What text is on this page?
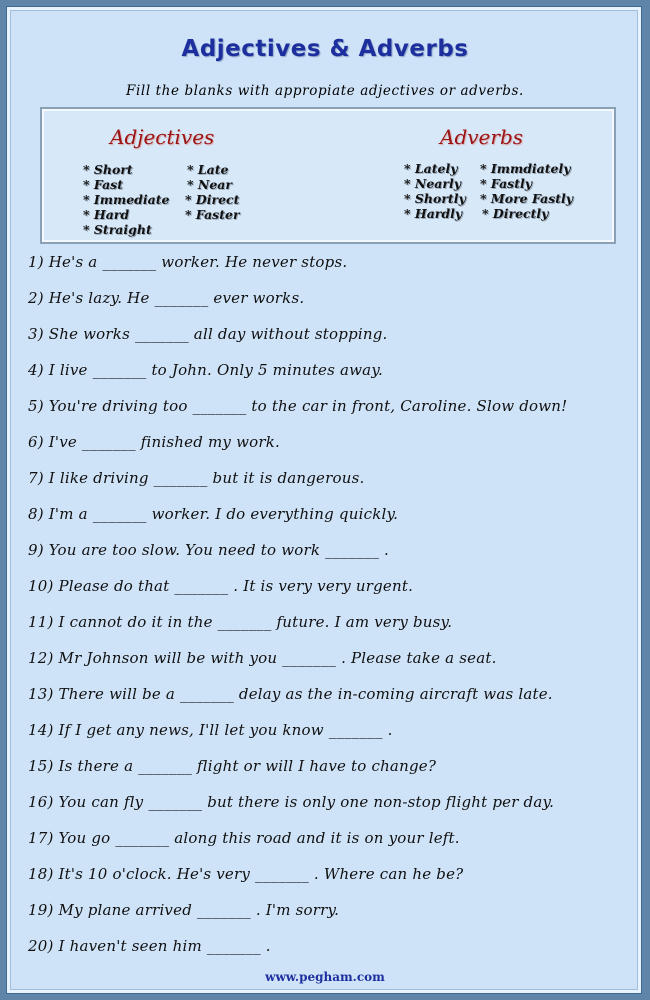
Adjectives & Adverbs
Fill the blanks with appropiate adjectives or adverbs.
Adjectives	Adverbs
* Short
* Fast
* Immediate
* Hard
* Straight
* Late
* Near
* Direct
* Faster
* Lately
* Nearly
* Shortly
* Hardly
* Immdiately
* Fastly
* More Fastly
* Directly
1) He's a _______ worker. He never stops.
2) He's lazy. He _______ ever works.
3) She works _______ all day without stopping.
4) I live _______ to John. Only 5 minutes away.
5) You're driving too _______ to the car in front, Caroline. Slow down!
6) I've _______ finished my work.
7) I like driving _______ but it is dangerous.
8) I'm a _______ worker. I do everything quickly.
9) You are too slow. You need to work _______ .
10) Please do that _______ . It is very very urgent.
11) I cannot do it in the _______ future. I am very busy.
12) Mr Johnson will be with you _______ . Please take a seat.
13) There will be a _______ delay as the in-coming aircraft was late.
14) If I get any news, I'll let you know _______ .
15) Is there a _______ flight or will I have to change?
16) You can fly _______ but there is only one non-stop flight per day.
17) You go _______ along this road and it is on your left.
18) It's 10 o'clock. He's very _______ . Where can he be?
19) My plane arrived _______ . I'm sorry.
20) I haven't seen him _______ .
www.pegham.com
